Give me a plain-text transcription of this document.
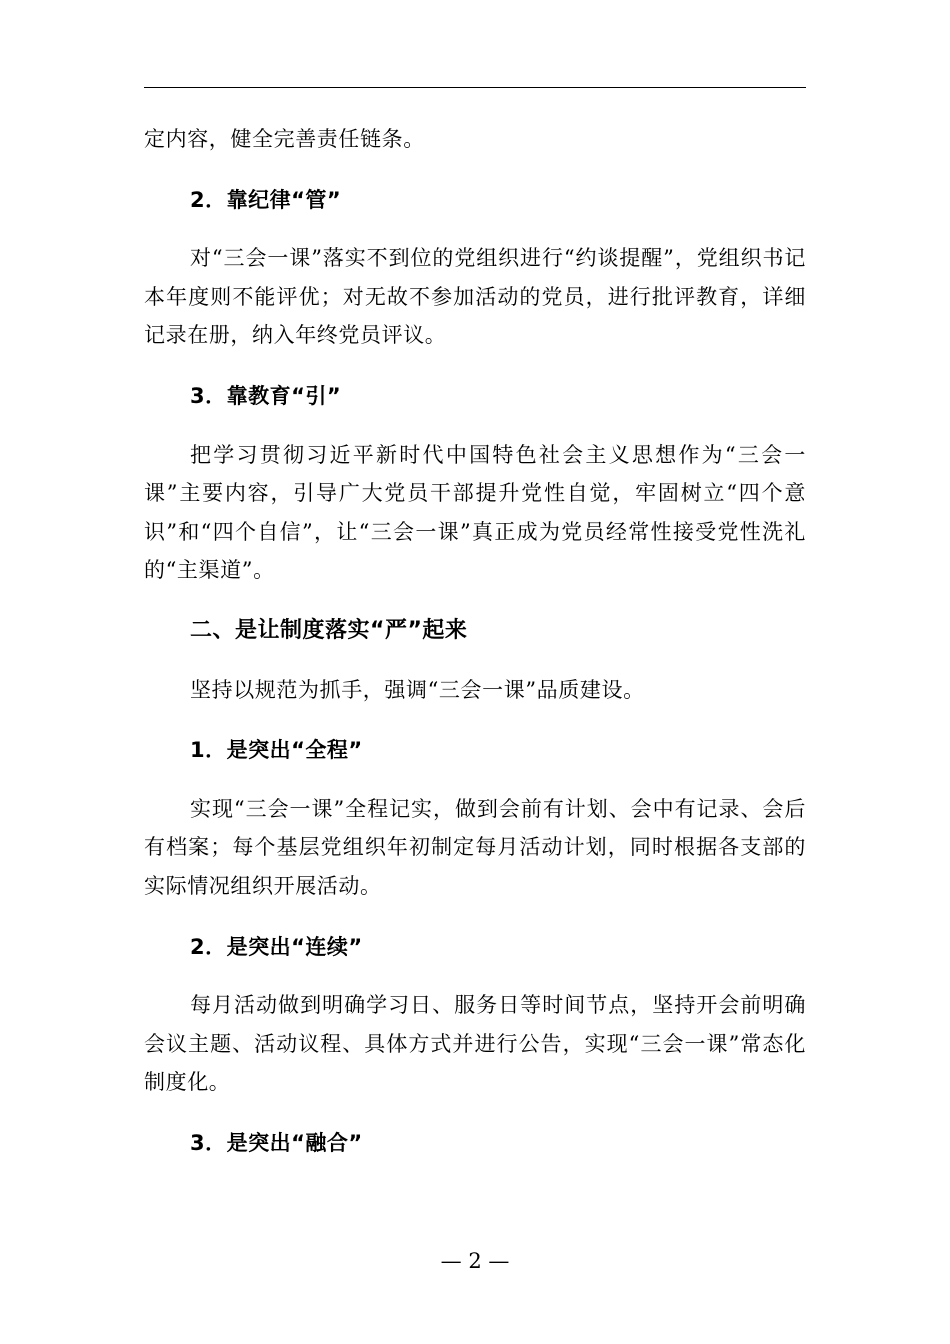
定内容，健全完善责任链条。

2．靠纪律“管”

对“三会一课”落实不到位的党组织进行“约谈提醒”，党组织书记本年度则不能评优；对无故不参加活动的党员，进行批评教育，详细记录在册，纳入年终党员评议。

3．靠教育“引”

把学习贯彻习近平新时代中国特色社会主义思想作为“三会一课”主要内容，引导广大党员干部提升党性自觉，牢固树立“四个意识”和“四个自信”，让“三会一课”真正成为党员经常性接受党性洗礼的“主渠道”。

二、是让制度落实“严”起来

坚持以规范为抓手，强调“三会一课”品质建设。

1．是突出“全程”

实现“三会一课”全程记实，做到会前有计划、会中有记录、会后有档案；每个基层党组织年初制定每月活动计划，同时根据各支部的实际情况组织开展活动。

2．是突出“连续”

每月活动做到明确学习日、服务日等时间节点，坚持开会前明确会议主题、活动议程、具体方式并进行公告，实现“三会一课”常态化制度化。

3．是突出“融合”

— 2 —
